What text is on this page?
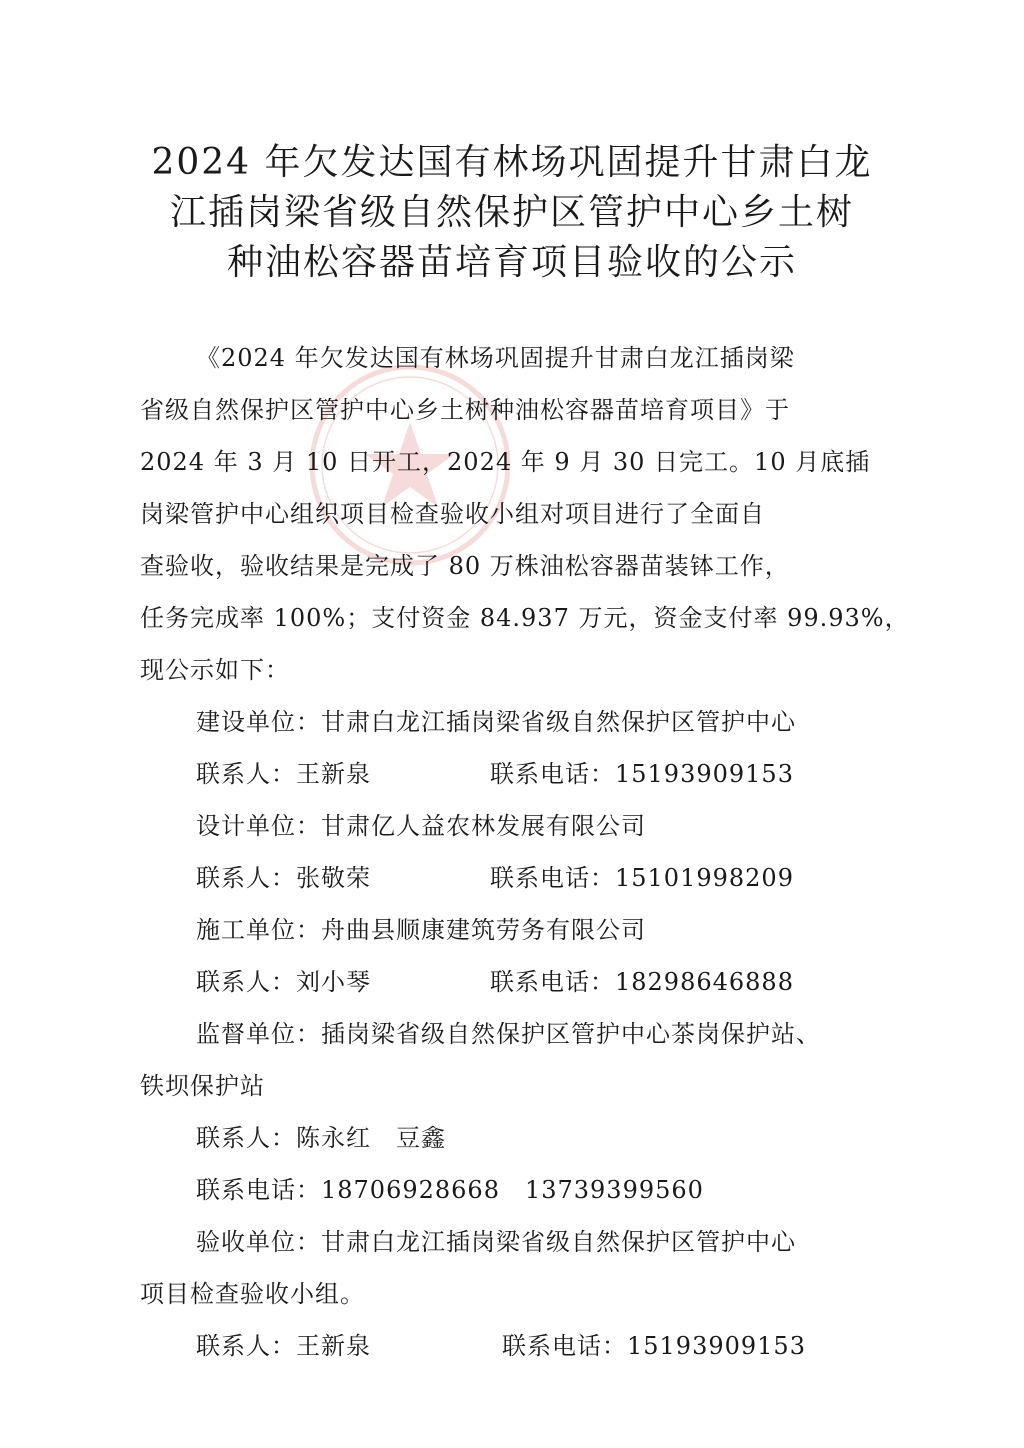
2024 年欠发达国有林场巩固提升甘肃白龙
江插岗梁省级自然保护区管护中心乡土树
种油松容器苗培育项目验收的公示
《2024 年欠发达国有林场巩固提升甘肃白龙江插岗梁
省级自然保护区管护中心乡土树种油松容器苗培育项目》于
2024 年 3 月 10 日开工，2024 年 9 月 30 日完工。10 月底插
岗梁管护中心组织项目检查验收小组对项目进行了全面自
查验收，验收结果是完成了 80 万株油松容器苗装钵工作，
任务完成率 100%；支付资金 84.937 万元，资金支付率 99.93%，
现公示如下：
建设单位：甘肃白龙江插岗梁省级自然保护区管护中心
联系人：王新泉	联系电话：15193909153
设计单位：甘肃亿人益农林发展有限公司
联系人：张敬荣	联系电话：15101998209
施工单位：舟曲县顺康建筑劳务有限公司
联系人：刘小琴	联系电话：18298646888
监督单位：插岗梁省级自然保护区管护中心茶岗保护站、
铁坝保护站
联系人：陈永红　豆鑫
联系电话：18706928668　13739399560
验收单位：甘肃白龙江插岗梁省级自然保护区管护中心
项目检查验收小组。
联系人：王新泉	联系电话：15193909153
